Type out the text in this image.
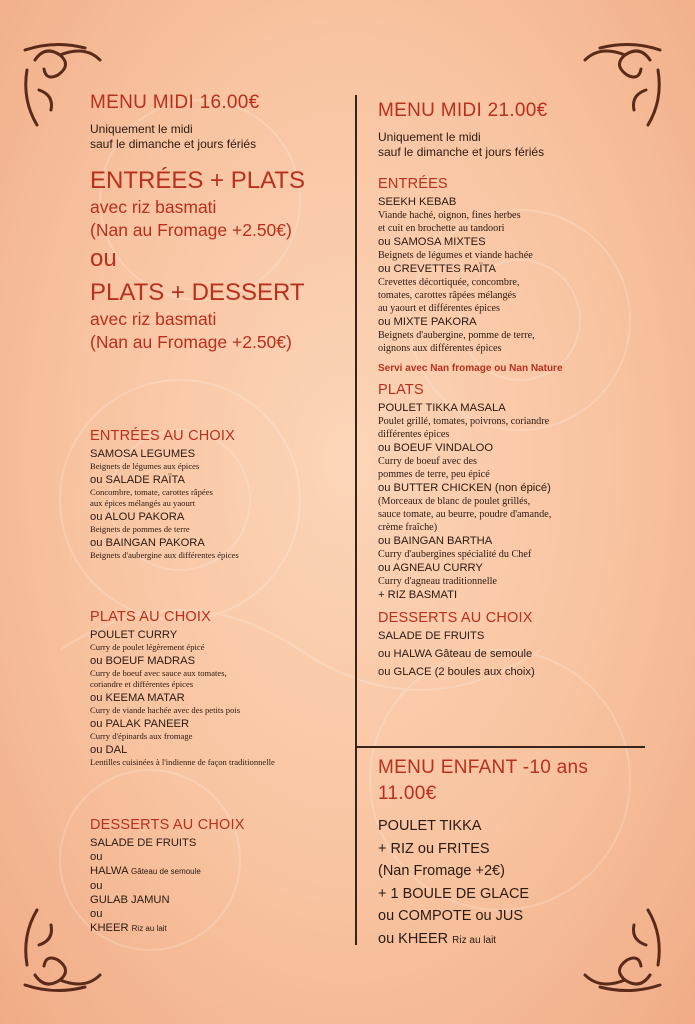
MENU MIDI 16.00€

Uniquement le midi

sauf le dimanche et jours fériés

ENTRÉES + PLATS

avec riz basmati

(Nan au Fromage +2.50€)

ou

PLATS + DESSERT

avec riz basmati

(Nan au Fromage +2.50€)

ENTRÉES AU CHOIX

SAMOSA LEGUMES

Beignets de légumes aux épices

ou SALADE RAÏTA

Concombre, tomate, carottes râpées

aux épices mélangés au yaourt

ou ALOU PAKORA

Beignets de pommes de terre

ou BAINGAN PAKORA

Beignets d'aubergine aux différentes épices

PLATS AU CHOIX

POULET CURRY

Curry de poulet légèrement épicé

ou BOEUF MADRAS

Curry de boeuf avec sauce aux tomates,

coriandre et différentes épices

ou KEEMA MATAR

Curry de viande hachée avec des petits pois

ou PALAK PANEER

Curry d'épinards aux fromage

ou DAL

Lentilles cuisinées à l'indienne de façon traditionnelle

DESSERTS AU CHOIX

SALADE DE FRUITS

ou

HALWA Gâteau de semoule

ou

GULAB JAMUN

ou

KHEER Riz au lait

MENU MIDI 21.00€

Uniquement le midi

sauf le dimanche et jours fériés

ENTRÉES

SEEKH KEBAB

Viande haché, oignon, fines herbes

et cuit en brochette au tandoori

ou SAMOSA MIXTES

Beignets de légumes et viande hachée

ou CREVETTES RAÏTA

Crevettes décortiquée, concombre,

tomates, carottes râpées mélangés

au yaourt et différentes épices

ou MIXTE PAKORA

Beignets d'aubergine, pomme de terre,

oignons aux différentes épices

Servi avec Nan fromage ou Nan Nature

PLATS

POULET TIKKA MASALA

Poulet grillé, tomates, poivrons, coriandre

différentes épices

ou BOEUF VINDALOO

Curry de boeuf avec des

pommes de terre, peu épicé

ou BUTTER CHICKEN (non épicé)

(Morceaux de blanc de poulet grillés,

sauce tomate, au beurre, poudre d'amande,

crème fraîche)

ou BAINGAN BARTHA

Curry d'aubergines spécialité du Chef

ou AGNEAU CURRY

Curry d'agneau traditionnelle

+ RIZ BASMATI

DESSERTS AU CHOIX

SALADE DE FRUITS

ou HALWA Gâteau de semoule

ou GLACE (2 boules aux choix)

MENU ENFANT -10 ans

11.00€

POULET TIKKA

+ RIZ ou FRITES

(Nan Fromage +2€)

+ 1 BOULE DE GLACE

ou COMPOTE ou JUS

ou KHEER Riz au lait
